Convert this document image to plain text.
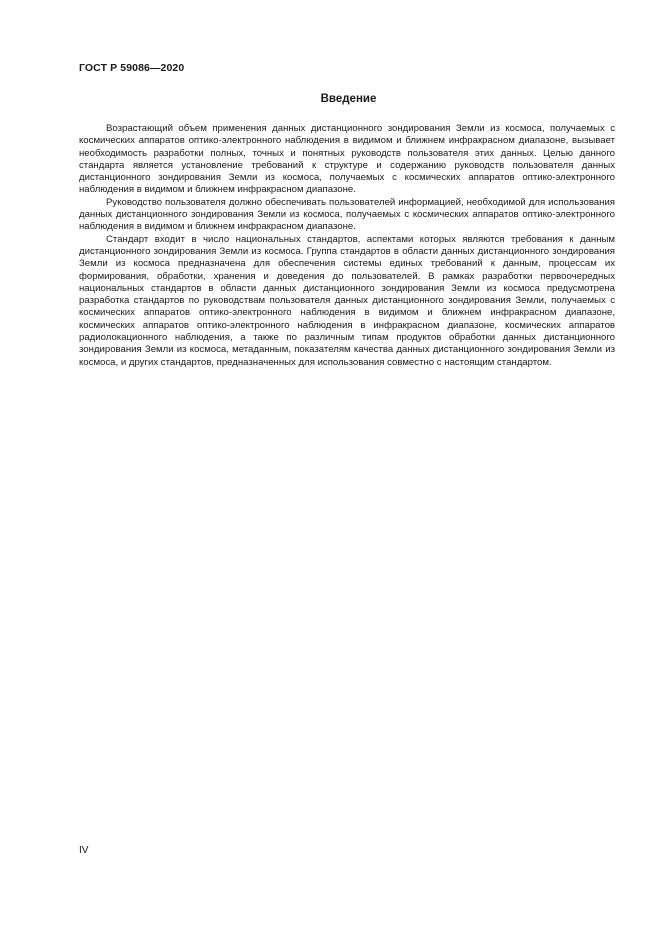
ГОСТ Р 59086—2020
Введение

Возрастающий объем применения данных дистанционного зондирования Земли из космоса, получаемых с космических аппаратов оптико-электронного наблюдения в видимом и ближнем инфракрасном диапазоне, вызывает необходимость разработки полных, точных и понятных руководств пользователя этих данных. Целью данного стандарта является установление требований к структуре и содержанию руководств пользователя данных дистанционного зондирования Земли из космоса, получаемых с космических аппаратов оптико-электронного наблюдения в видимом и ближнем инфракрасном диапазоне.

Руководство пользователя должно обеспечивать пользователей информацией, необходимой для использования данных дистанционного зондирования Земли из космоса, получаемых с космических аппаратов оптико-электронного наблюдения в видимом и ближнем инфракрасном диапазоне.

Стандарт входит в число национальных стандартов, аспектами которых являются требования к данным дистанционного зондирования Земли из космоса. Группа стандартов в области данных дистанционного зондирования Земли из космоса предназначена для обеспечения системы единых требований к данным, процессам их формирования, обработки, хранения и доведения до пользователей. В рамках разработки первоочередных национальных стандартов в области данных дистанционного зондирования Земли из космоса предусмотрена разработка стандартов по руководствам пользователя данных дистанционного зондирования Земли, получаемых с космических аппаратов оптико-электронного наблюдения в видимом и ближнем инфракрасном диапазоне, космических аппаратов оптико-электронного наблюдения в инфракрасном диапазоне, космических аппаратов радиолокационного наблюдения, а также по различным типам продуктов обработки данных дистанционного зондирования Земли из космоса, метаданным, показателям качества данных дистанционного зондирования Земли из космоса, и других стандартов, предназначенных для использования совместно с настоящим стандартом.

IV
